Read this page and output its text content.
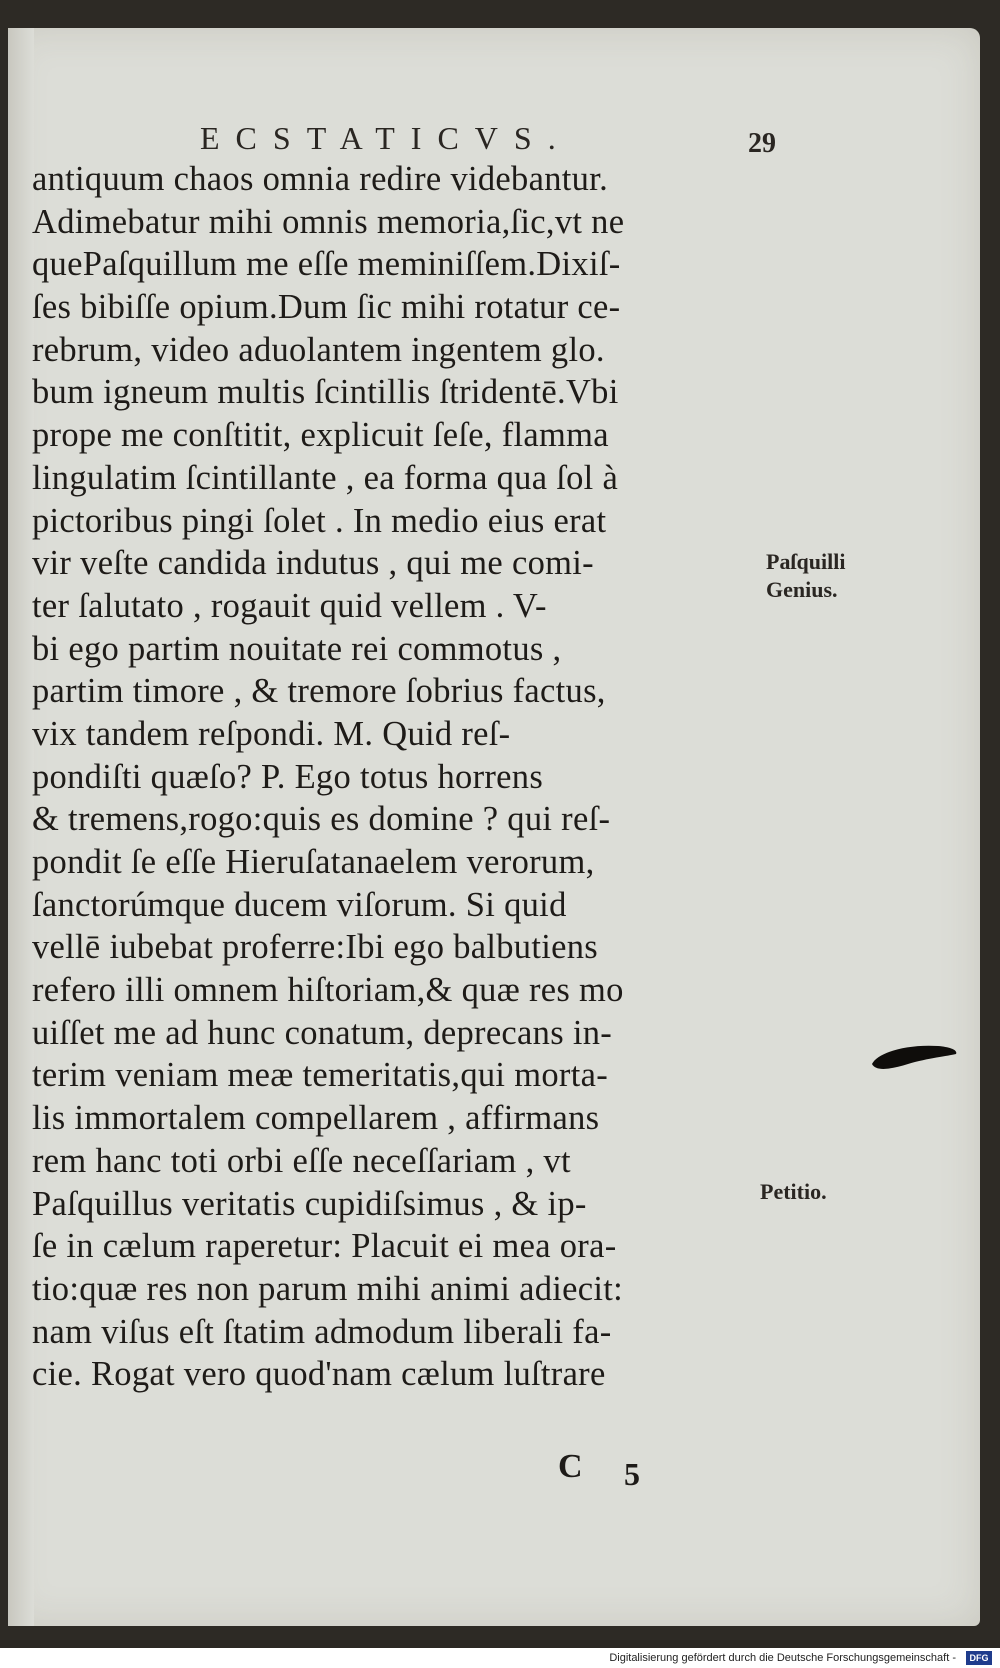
ECSTATICVS.	29
antiquum chaos omnia redire videbantur.
Adimebatur mihi omnis memoria,ſic,vt ne
quePaſquillum me eſſe meminiſſem.Dixiſ-
ſes bibiſſe opium.Dum ſic mihi rotatur ce-
rebrum, video aduolantem ingentem glo.
bum igneum multis ſcintillis ſtridentē.Vbi
prope me conſtitit, explicuit ſeſe, flamma
lingulatim ſcintillante , ea forma qua ſol à
pictoribus pingi ſolet . In medio eius erat
vir veſte candida indutus , qui me comi-
ter ſalutato , rogauit quid vellem . V-
bi ego partim nouitate rei commotus ,
partim timore , & tremore ſobrius factus,
vix tandem reſpondi. M. Quid reſ-
pondiſti quæſo? P. Ego totus horrens
& tremens,rogo:quis es domine ? qui reſ-
pondit ſe eſſe Hieruſatanaelem verorum,
ſanctorúmque ducem viſorum. Si quid
vellē iubebat proferre:Ibi ego balbutiens
refero illi omnem hiſtoriam,& quæ res mo
uiſſet me ad hunc conatum, deprecans in-
terim veniam meæ temeritatis,qui morta-
lis immortalem compellarem , affirmans
rem hanc toti orbi eſſe neceſſariam , vt
Paſquillus veritatis cupidiſsimus , & ip-
ſe in cælum raperetur: Placuit ei mea ora-
tio:quæ res non parum mihi animi adiecit:
nam viſus eſt ſtatim admodum liberali fa-
cie. Rogat vero quod'nam cælum luſtrare
Paſquilli
Genius.
Petitio.
C 5
Digitalisierung gefördert durch die Deutsche Forschungsgemeinschaft -	DFG
